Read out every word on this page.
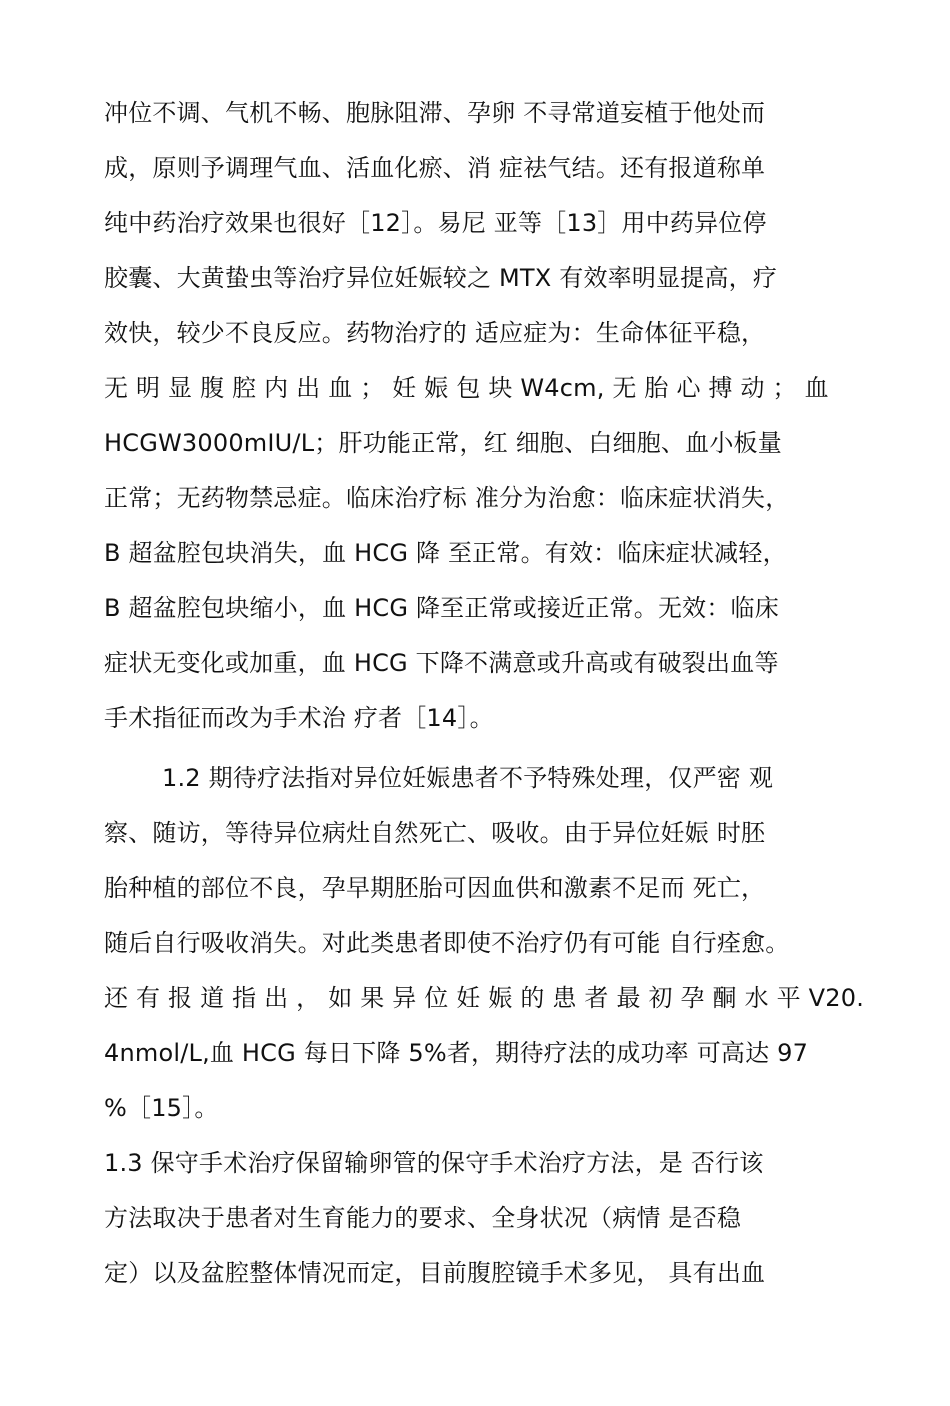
冲位不调、气机不畅、胞脉阻滞、孕卵 不寻常道妄植于他处而

成，原则予调理气血、活血化瘀、消 症祛气结。还有报道称单

纯中药治疗效果也很好［12］。易尼 亚等［13］用中药异位停

胶囊、大黄蛰虫等治疗异位妊娠较之 MTX 有效率明显提高，疗

效快，较少不良反应。药物治疗的 适应症为：生命体征平稳，

无 明 显 腹 腔 内 出 血 ； 妊 娠 包 块 W4cm, 无 胎 心 搏 动 ； 血

HCGW3000mIU/L；肝功能正常，红 细胞、白细胞、血小板量

正常；无药物禁忌症。临床治疗标 准分为治愈：临床症状消失，

B 超盆腔包块消失，血 HCG 降 至正常。有效：临床症状减轻，

B 超盆腔包块缩小，血 HCG 降至正常或接近正常。无效：临床

症状无变化或加重，血 HCG 下降不满意或升高或有破裂出血等

手术指征而改为手术治 疗者［14］。

1.2 期待疗法指对异位妊娠患者不予特殊处理，仅严密 观

察、随访，等待异位病灶自然死亡、吸收。由于异位妊娠 时胚

胎种植的部位不良，孕早期胚胎可因血供和激素不足而 死亡，

随后自行吸收消失。对此类患者即使不治疗仍有可能 自行痊愈。

还 有 报 道 指 出 ， 如 果 异 位 妊 娠 的 患 者 最 初 孕 酮 水 平 V20.

4nmol/L,血 HCG 每日下降 5%者，期待疗法的成功率 可高达 97

%［15］。

1.3 保守手术治疗保留输卵管的保守手术治疗方法，是 否行该

方法取决于患者对生育能力的要求、全身状况（病情 是否稳

定）以及盆腔整体情况而定，目前腹腔镜手术多见， 具有出血
